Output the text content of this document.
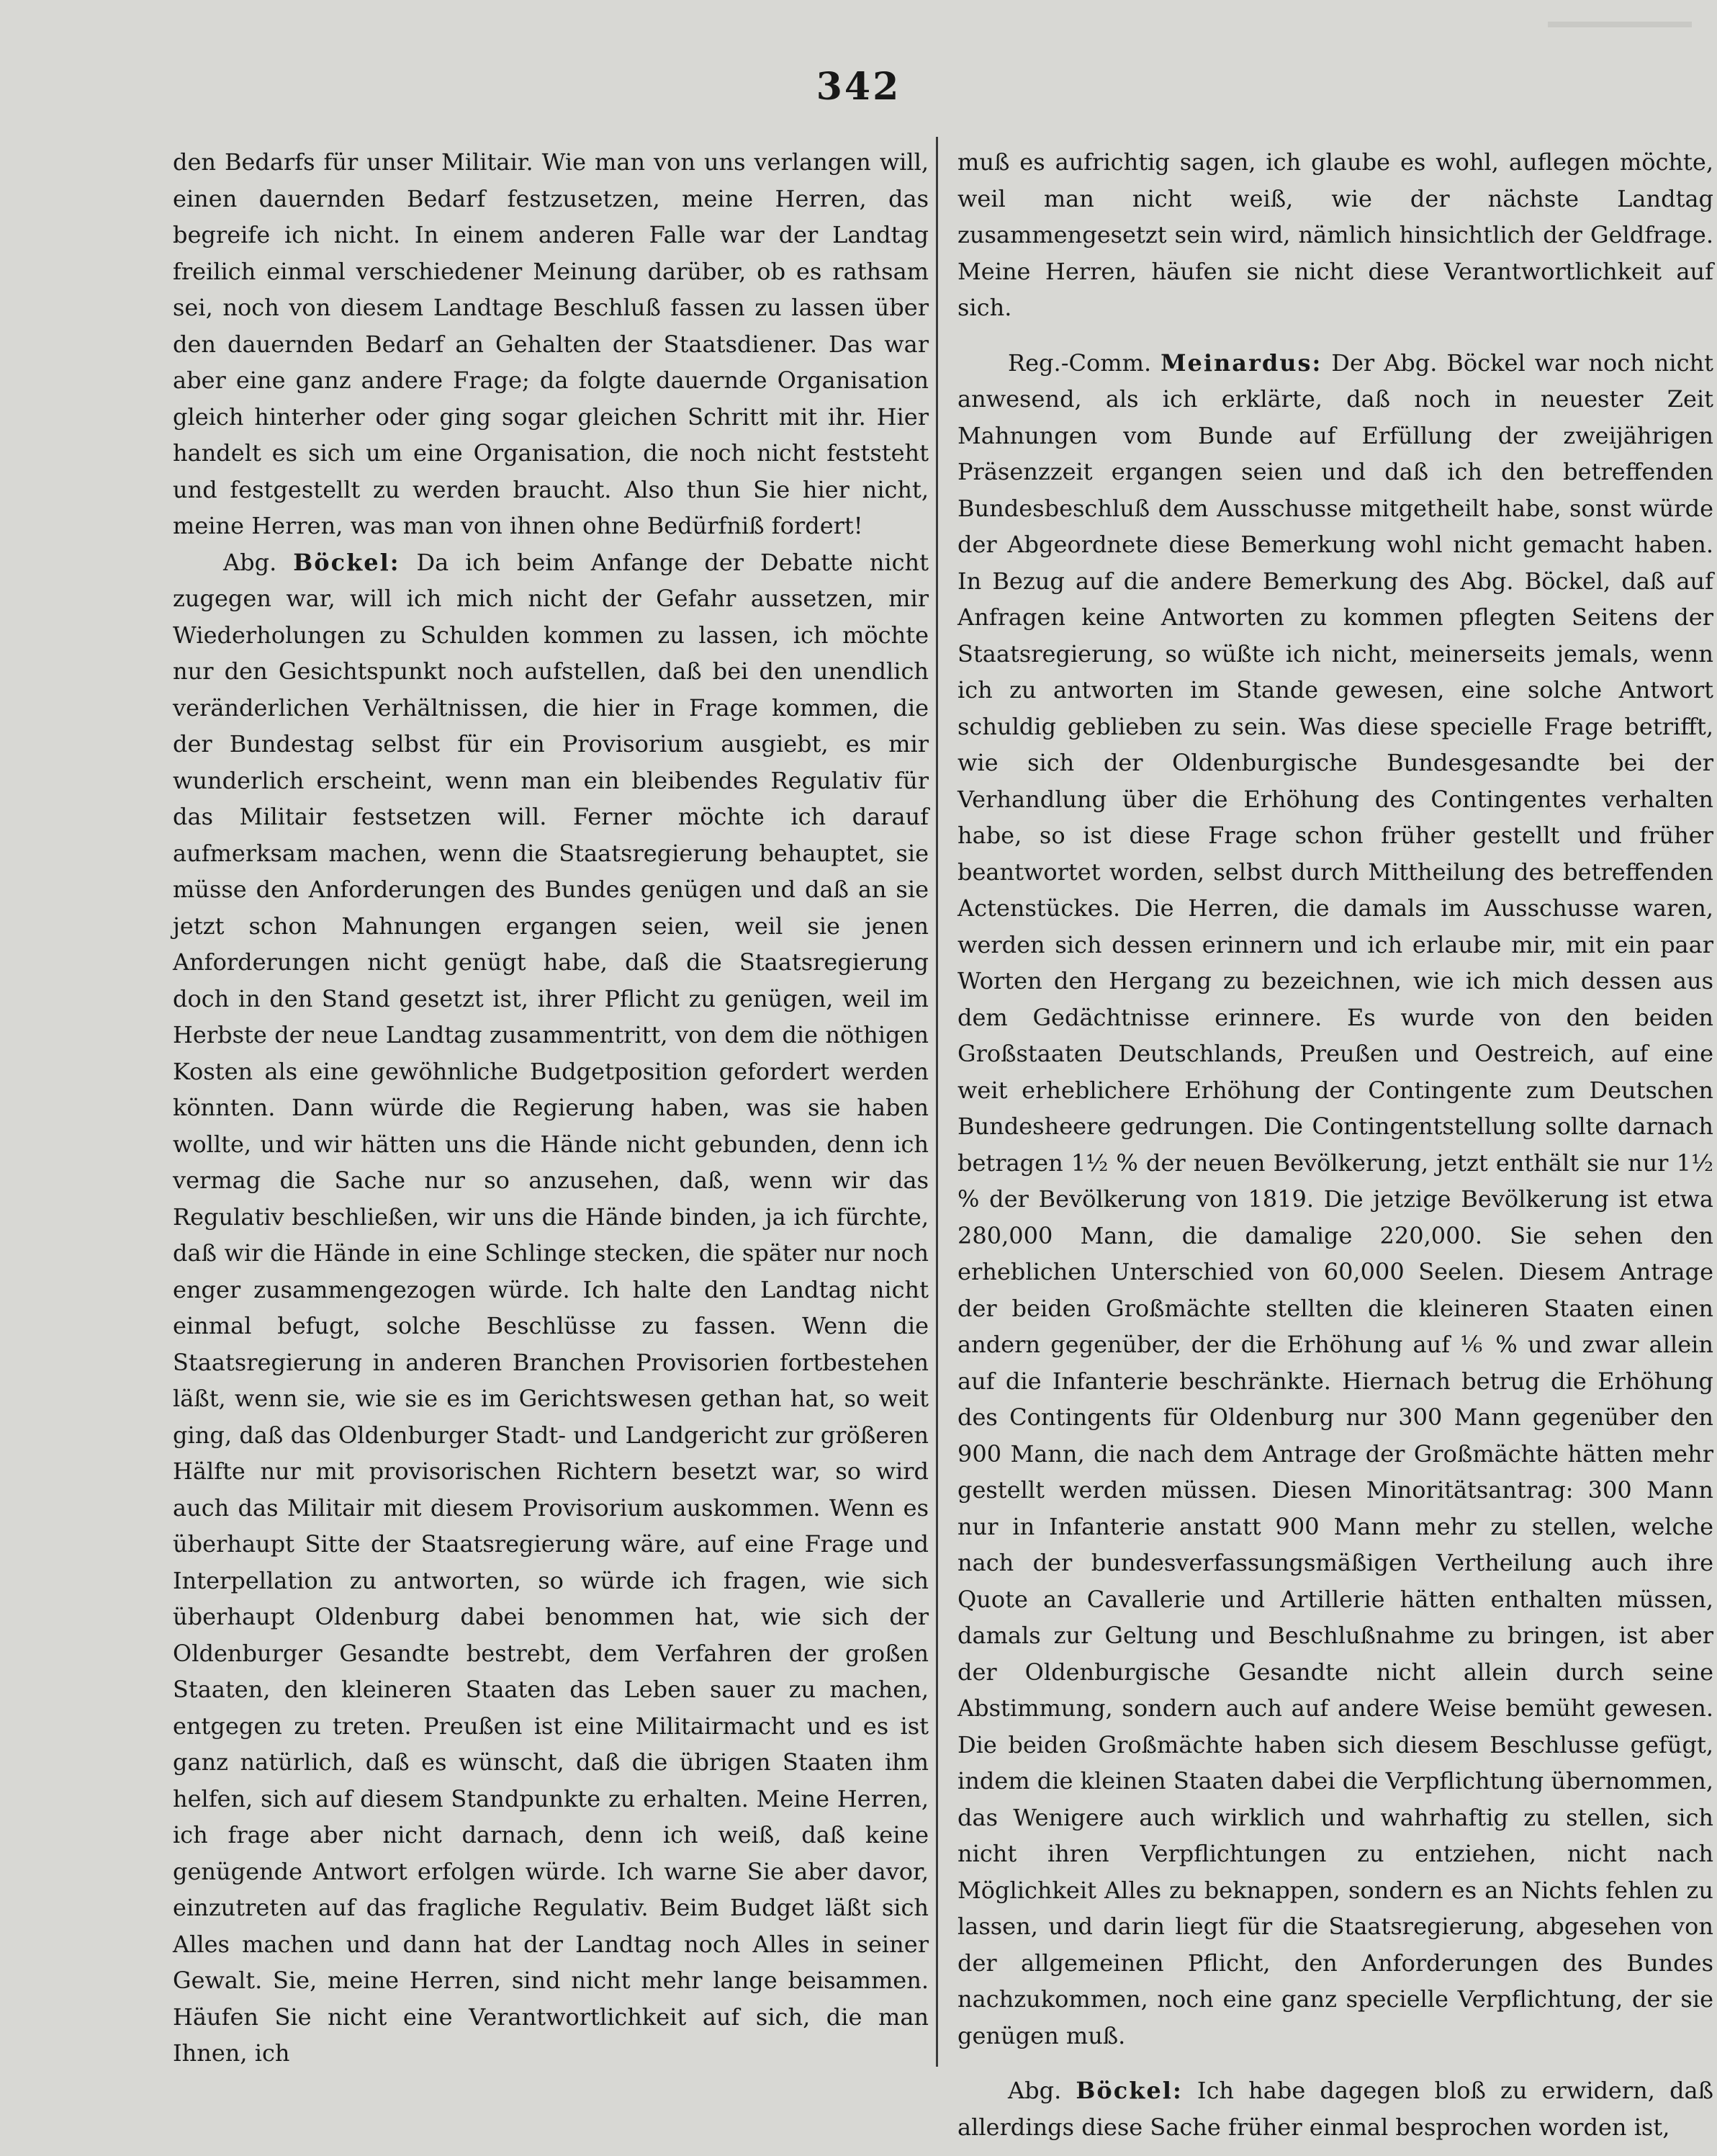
342

den Bedarfs für unser Militair. Wie man von uns verlangen will, einen dauernden Bedarf festzusetzen, meine Herren, das begreife ich nicht. In einem anderen Falle war der Landtag freilich einmal verschiedener Meinung darüber, ob es rathsam sei, noch von diesem Landtage Beschluß fassen zu lassen über den dauernden Bedarf an Gehalten der Staatsdiener. Das war aber eine ganz andere Frage; da folgte dauernde Organisation gleich hinterher oder ging sogar gleichen Schritt mit ihr. Hier handelt es sich um eine Organisation, die noch nicht feststeht und festgestellt zu werden braucht. Also thun Sie hier nicht, meine Herren, was man von ihnen ohne Bedürfniß fordert!

Abg. Böckel: Da ich beim Anfange der Debatte nicht zugegen war, will ich mich nicht der Gefahr aussetzen, mir Wiederholungen zu Schulden kommen zu lassen, ich möchte nur den Gesichtspunkt noch aufstellen, daß bei den unendlich veränderlichen Verhältnissen, die hier in Frage kommen, die der Bundestag selbst für ein Provisorium ausgiebt, es mir wunderlich erscheint, wenn man ein bleibendes Regulativ für das Militair festsetzen will. Ferner möchte ich darauf aufmerksam machen, wenn die Staatsregierung behauptet, sie müsse den Anforderungen des Bundes genügen und daß an sie jetzt schon Mahnungen ergangen seien, weil sie jenen Anforderungen nicht genügt habe, daß die Staatsregierung doch in den Stand gesetzt ist, ihrer Pflicht zu genügen, weil im Herbste der neue Landtag zusammentritt, von dem die nöthigen Kosten als eine gewöhnliche Budgetposition gefordert werden könnten. Dann würde die Regierung haben, was sie haben wollte, und wir hätten uns die Hände nicht gebunden, denn ich vermag die Sache nur so anzusehen, daß, wenn wir das Regulativ beschließen, wir uns die Hände binden, ja ich fürchte, daß wir die Hände in eine Schlinge stecken, die später nur noch enger zusammengezogen würde. Ich halte den Landtag nicht einmal befugt, solche Beschlüsse zu fassen. Wenn die Staatsregierung in anderen Branchen Provisorien fortbestehen läßt, wenn sie, wie sie es im Gerichtswesen gethan hat, so weit ging, daß das Oldenburger Stadt- und Landgericht zur größeren Hälfte nur mit provisorischen Richtern besetzt war, so wird auch das Militair mit diesem Provisorium auskommen. Wenn es überhaupt Sitte der Staatsregierung wäre, auf eine Frage und Interpellation zu antworten, so würde ich fragen, wie sich überhaupt Oldenburg dabei benommen hat, wie sich der Oldenburger Gesandte bestrebt, dem Verfahren der großen Staaten, den kleineren Staaten das Leben sauer zu machen, entgegen zu treten. Preußen ist eine Militairmacht und es ist ganz natürlich, daß es wünscht, daß die übrigen Staaten ihm helfen, sich auf diesem Standpunkte zu erhalten. Meine Herren, ich frage aber nicht darnach, denn ich weiß, daß keine genügende Antwort erfolgen würde. Ich warne Sie aber davor, einzutreten auf das fragliche Regulativ. Beim Budget läßt sich Alles machen und dann hat der Landtag noch Alles in seiner Gewalt. Sie, meine Herren, sind nicht mehr lange beisammen. Häufen Sie nicht eine Verantwortlichkeit auf sich, die man Ihnen, ich

muß es aufrichtig sagen, ich glaube es wohl, auflegen möchte, weil man nicht weiß, wie der nächste Landtag zusammengesetzt sein wird, nämlich hinsichtlich der Geldfrage. Meine Herren, häufen sie nicht diese Verantwortlichkeit auf sich.

Reg.-Comm. Meinardus: Der Abg. Böckel war noch nicht anwesend, als ich erklärte, daß noch in neuester Zeit Mahnungen vom Bunde auf Erfüllung der zweijährigen Präsenzzeit ergangen seien und daß ich den betreffenden Bundesbeschluß dem Ausschusse mitgetheilt habe, sonst würde der Abgeordnete diese Bemerkung wohl nicht gemacht haben. In Bezug auf die andere Bemerkung des Abg. Böckel, daß auf Anfragen keine Antworten zu kommen pflegten Seitens der Staatsregierung, so wüßte ich nicht, meinerseits jemals, wenn ich zu antworten im Stande gewesen, eine solche Antwort schuldig geblieben zu sein. Was diese specielle Frage betrifft, wie sich der Oldenburgische Bundesgesandte bei der Verhandlung über die Erhöhung des Contingentes verhalten habe, so ist diese Frage schon früher gestellt und früher beantwortet worden, selbst durch Mittheilung des betreffenden Actenstückes. Die Herren, die damals im Ausschusse waren, werden sich dessen erinnern und ich erlaube mir, mit ein paar Worten den Hergang zu bezeichnen, wie ich mich dessen aus dem Gedächtnisse erinnere. Es wurde von den beiden Großstaaten Deutschlands, Preußen und Oestreich, auf eine weit erheblichere Erhöhung der Contingente zum Deutschen Bundesheere gedrungen. Die Contingentstellung sollte darnach betragen 1½ % der neuen Bevölkerung, jetzt enthält sie nur 1½ % der Bevölkerung von 1819. Die jetzige Bevölkerung ist etwa 280,000 Mann, die damalige 220,000. Sie sehen den erheblichen Unterschied von 60,000 Seelen. Diesem Antrage der beiden Großmächte stellten die kleineren Staaten einen andern gegenüber, der die Erhöhung auf ⅙ % und zwar allein auf die Infanterie beschränkte. Hiernach betrug die Erhöhung des Contingents für Oldenburg nur 300 Mann gegenüber den 900 Mann, die nach dem Antrage der Großmächte hätten mehr gestellt werden müssen. Diesen Minoritätsantrag: 300 Mann nur in Infanterie anstatt 900 Mann mehr zu stellen, welche nach der bundesverfassungsmäßigen Vertheilung auch ihre Quote an Cavallerie und Artillerie hätten enthalten müssen, damals zur Geltung und Beschlußnahme zu bringen, ist aber der Oldenburgische Gesandte nicht allein durch seine Abstimmung, sondern auch auf andere Weise bemüht gewesen. Die beiden Großmächte haben sich diesem Beschlusse gefügt, indem die kleinen Staaten dabei die Verpflichtung übernommen, das Wenigere auch wirklich und wahrhaftig zu stellen, sich nicht ihren Verpflichtungen zu entziehen, nicht nach Möglichkeit Alles zu beknappen, sondern es an Nichts fehlen zu lassen, und darin liegt für die Staatsregierung, abgesehen von der allgemeinen Pflicht, den Anforderungen des Bundes nachzukommen, noch eine ganz specielle Verpflichtung, der sie genügen muß.

Abg. Böckel: Ich habe dagegen bloß zu erwidern, daß allerdings diese Sache früher einmal besprochen worden ist,
